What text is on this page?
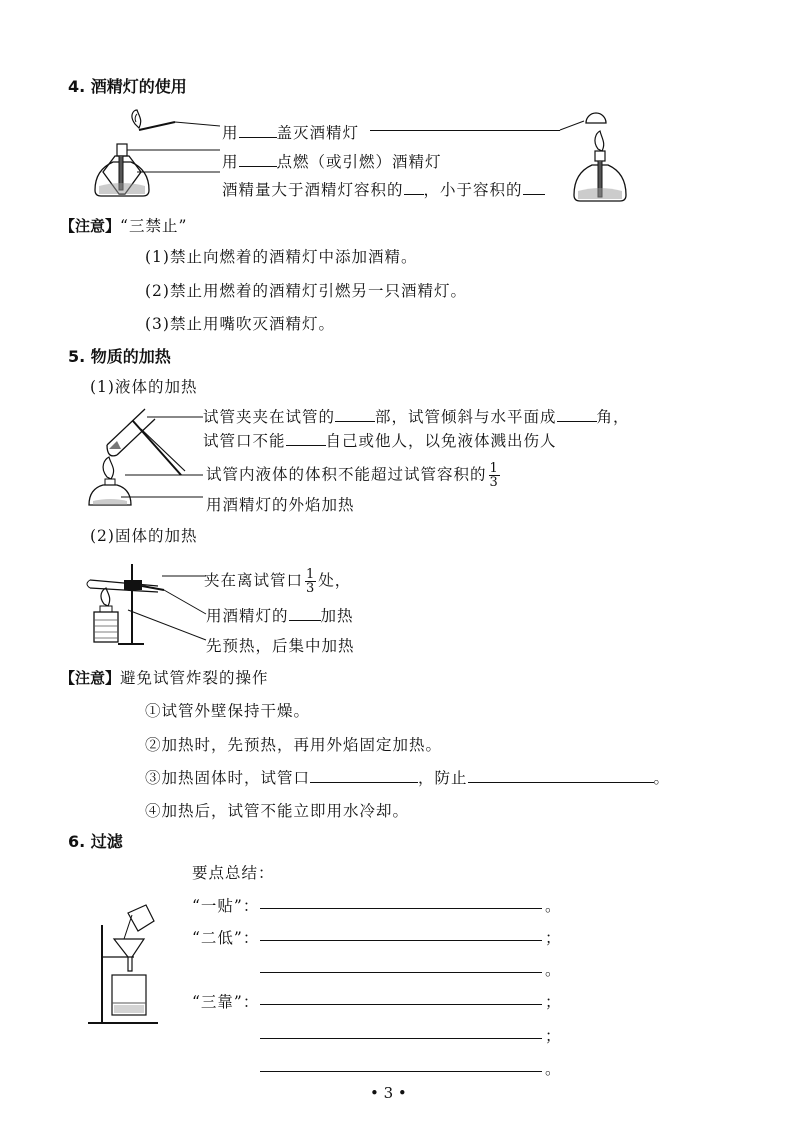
4. 酒精灯的使用
用 盖灭酒精灯
用 点燃（或引燃）酒精灯
酒精量大于酒精灯容积的 ，小于容积的
【注意】“三禁止”
(1)禁止向燃着的酒精灯中添加酒精。
(2)禁止用燃着的酒精灯引燃另一只酒精灯。
(3)禁止用嘴吹灭酒精灯。
5. 物质的加热
(1)液体的加热
试管夹夹在试管的	部，试管倾斜与水平面成	角，
试管口不能	自己或他人，以免液体溅出伤人
试管内液体的体积不能超过试管容积的 $\frac{1}{3}$
用酒精灯的外焰加热
(2)固体的加热
夹在离试管口 $\frac{1}{3}$ 处，
用酒精灯的 加热
先预热，后集中加热
【注意】避免试管炸裂的操作
①试管外壁保持干燥。
②加热时，先预热，再用外焰固定加热。
③加热固体时，试管口	，防止	。
④加热后，试管不能立即用水冷却。
6. 过滤
要点总结：
“一贴”：	。
“二低”：	；
。
“三靠”：	；
；
。
• 3 •
